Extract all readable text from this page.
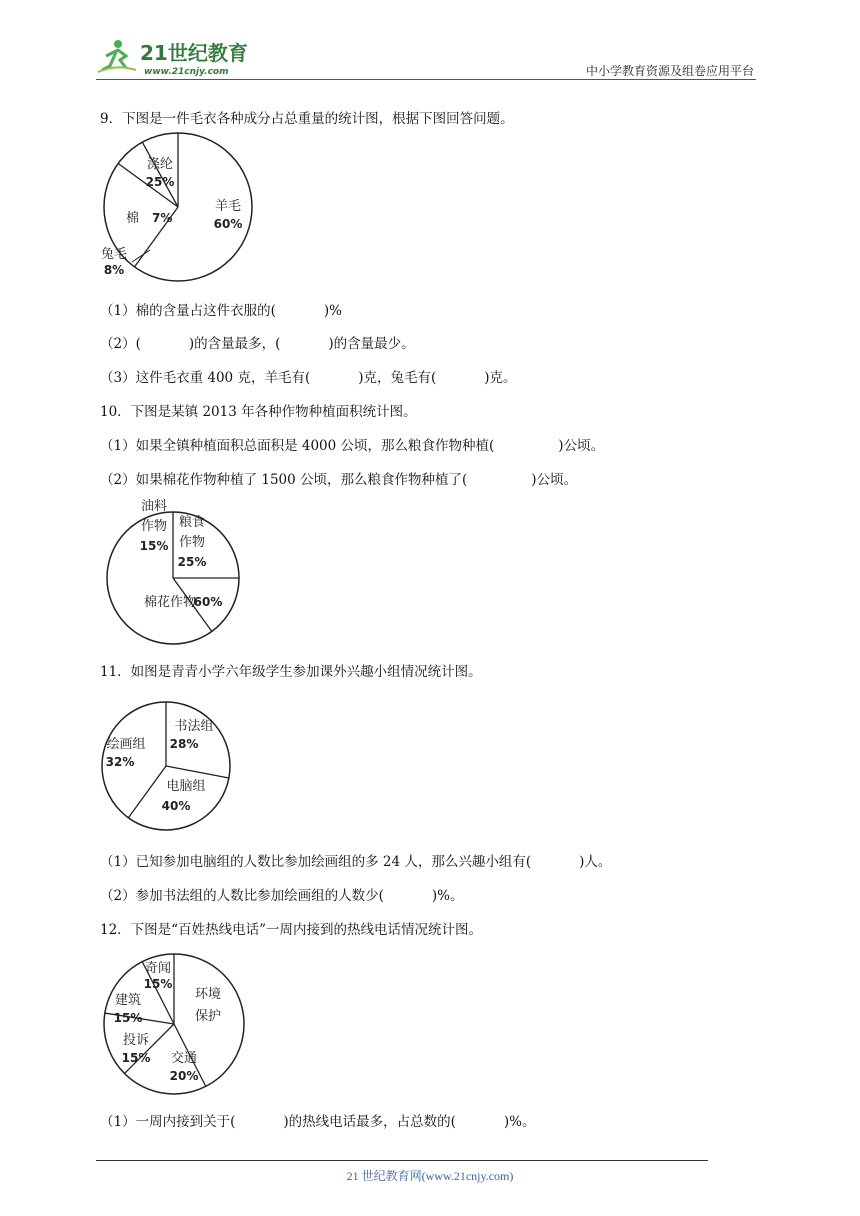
21世纪教育
www.21cnjy.com	中小学教育资源及组卷应用平台
9．下图是一件毛衣各种成分占总重量的统计图，根据下图回答问题。
羊毛
60%
涤纶
25%
棉 7%
兔毛
8%
（1）棉的含量占这件衣服的(	)%
（2）(	)的含量最多，(	)的含量最少。
（3）这件毛衣重 400 克，羊毛有(	)克，兔毛有(	)克。
10．下图是某镇 2013 年各种作物种植面积统计图。
（1）如果全镇种植面积总面积是 4000 公顷，那么粮食作物种植(	)公顷。
（2）如果棉花作物种植了 1500 公顷，那么粮食作物种植了(	)公顷。
粮食
作物
25%
油料
作物
15%
棉花作物
60%
11．如图是青青小学六年级学生参加课外兴趣小组情况统计图。
书法组
28%
绘画组
32%
电脑组
40%
（1）已知参加电脑组的人数比参加绘画组的多 24 人，那么兴趣小组有(	)人。
（2）参加书法组的人数比参加绘画组的人数少(	)%。
12．下图是“百姓热线电话”一周内接到的热线电话情况统计图。
环境
保护
奇闻
15%
建筑
15%
投诉
15% 交通
20%
（1）一周内接到关于(	)的热线电话最多，占总数的(	)%。
21 世纪教育网(www.21cnjy.com)
